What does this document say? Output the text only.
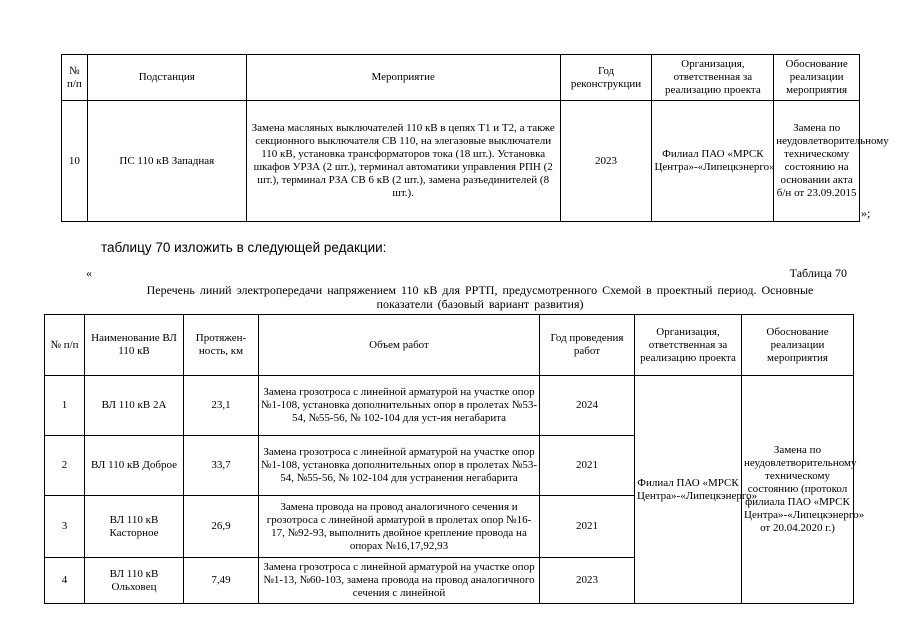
№ п/п	Подстанция	Мероприятие	Год реконструкции	Организация, ответственная за реализацию проекта	Обоснование реализации мероприятия
10	ПС 110 кВ Западная	Замена масляных выключателей 110 кВ в цепях Т1 и Т2, а также секционного выключателя СВ 110, на элегазовые выключатели 110 кВ, установка трансформаторов тока (18 шт.). Установка шкафов УРЗА (2 шт.), терминал автоматики управления РПН (2 шт.), терминал РЗА СВ 6 кВ (2 шт.), замена разъединителей (8 шт.).	2023	Филиал ПАО «МРСК Центра»-«Липецкэнерго»	Замена по неудовлетворительному техническому состоянию на основании акта б/н от 23.09.2015
»;
таблицу 70 изложить в следующей редакции:
«	Таблица 70
Перечень линий электропередачи напряжением 110 кВ для РРТП, предусмотренного Схемой в проектный период. Основные показатели (базовый вариант развития)
№ п/п	Наименование ВЛ 110 кВ	Протяжен-ность, км	Объем работ	Год проведения работ	Организация, ответственная за реализацию проекта	Обоснование реализации мероприятия
1	ВЛ 110 кВ 2А	23,1	Замена грозотроса с линейной арматурой на участке опор №1-108, установка дополнительных опор в пролетах №53-54, №55-56, № 102-104 для уст-ия негабарита	2024	Филиал ПАО «МРСК Центра»-«Липецкэнерго»	Замена по неудовлетворительному техническому состоянию (протокол филиала ПАО «МРСК Центра»-«Липецкэнерго» от 20.04.2020 г.)
2	ВЛ 110 кВ Доброе	33,7	Замена грозотроса с линейной арматурой на участке опор №1-108, установка дополнительных опор в пролетах №53-54, №55-56, № 102-104 для устранения негабарита	2021		
3	ВЛ 110 кВ Касторное	26,9	Замена провода на провод аналогичного сечения и грозотроса с линейной арматурой в пролетах опор №16-17, №92-93, выполнить двойное крепление провода на опорах №16,17,92,93	2021		
4	ВЛ 110 кВ Ольховец	7,49	Замена грозотроса с линейной арматурой на участке опор №1-13, №60-103, замена провода на провод аналогичного сечения с линейной	2023		
